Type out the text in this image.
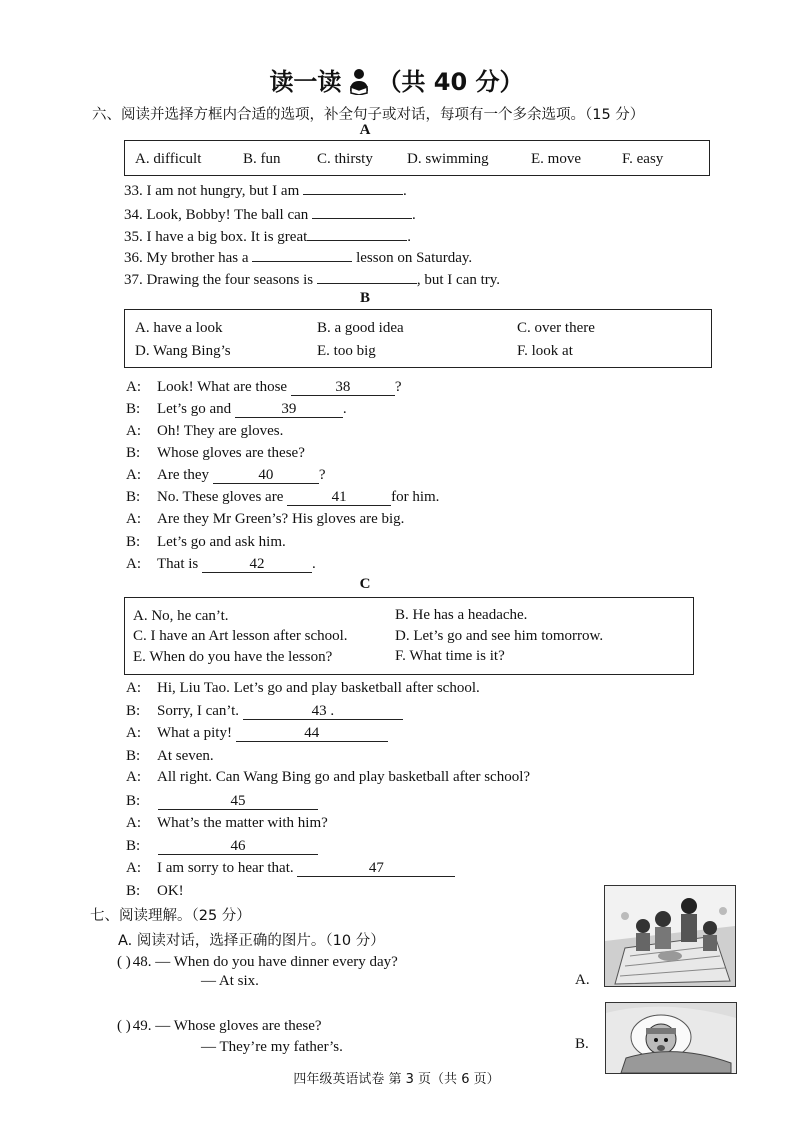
读一读 （共 40 分）
六、阅读并选择方框内合适的选项，补全句子或对话，每项有一个多余选项。（15 分）
A
A. difficult	B. fun C. thirsty D. swimming	E. move	F. easy
33. I am not hungry, but I am	.
34. Look, Bobby! The ball can	.
35. I have a big box. It is great	.
36. My brother has a	lesson on Saturday.
37. Drawing the four seasons is	, but I can try.
B
A. have a look	B. a good idea	C. over there
D. Wang Bing’s	E. too big	F. look at
A: Look! What are those	38	?
B: Let’s go and	39	.
A: Oh! They are gloves.
B: Whose gloves are these?
A: Are they	40	?
B: No. These gloves are	41	for him.
A: Are they Mr Green’s? His gloves are big.
B: Let’s go and ask him.
A: That is	42	.
C
A. No, he can’t.	B. He has a headache.
C. I have an Art lesson after school.	D. Let’s go and see him tomorrow.
E. When do you have the lesson?	F. What time is it?
A: Hi, Liu Tao. Let’s go and play basketball after school.
B: Sorry, I can’t.	43 .
A: What a pity!	44
B: At seven.
A: All right. Can Wang Bing go and play basketball after school?
B:	45
A: What’s the matter with him?
B:	46
A: I am sorry to hear that.	47
B: OK!
七、阅读理解。（25 分）
A. 阅读对话，选择正确的图片。（10 分）
( ) 48. — When do you have dinner every day?
— At six.
( ) 49. — Whose gloves are these?
— They’re my father’s.
A.
B.
四年级英语试卷 第 3 页（共 6 页）
